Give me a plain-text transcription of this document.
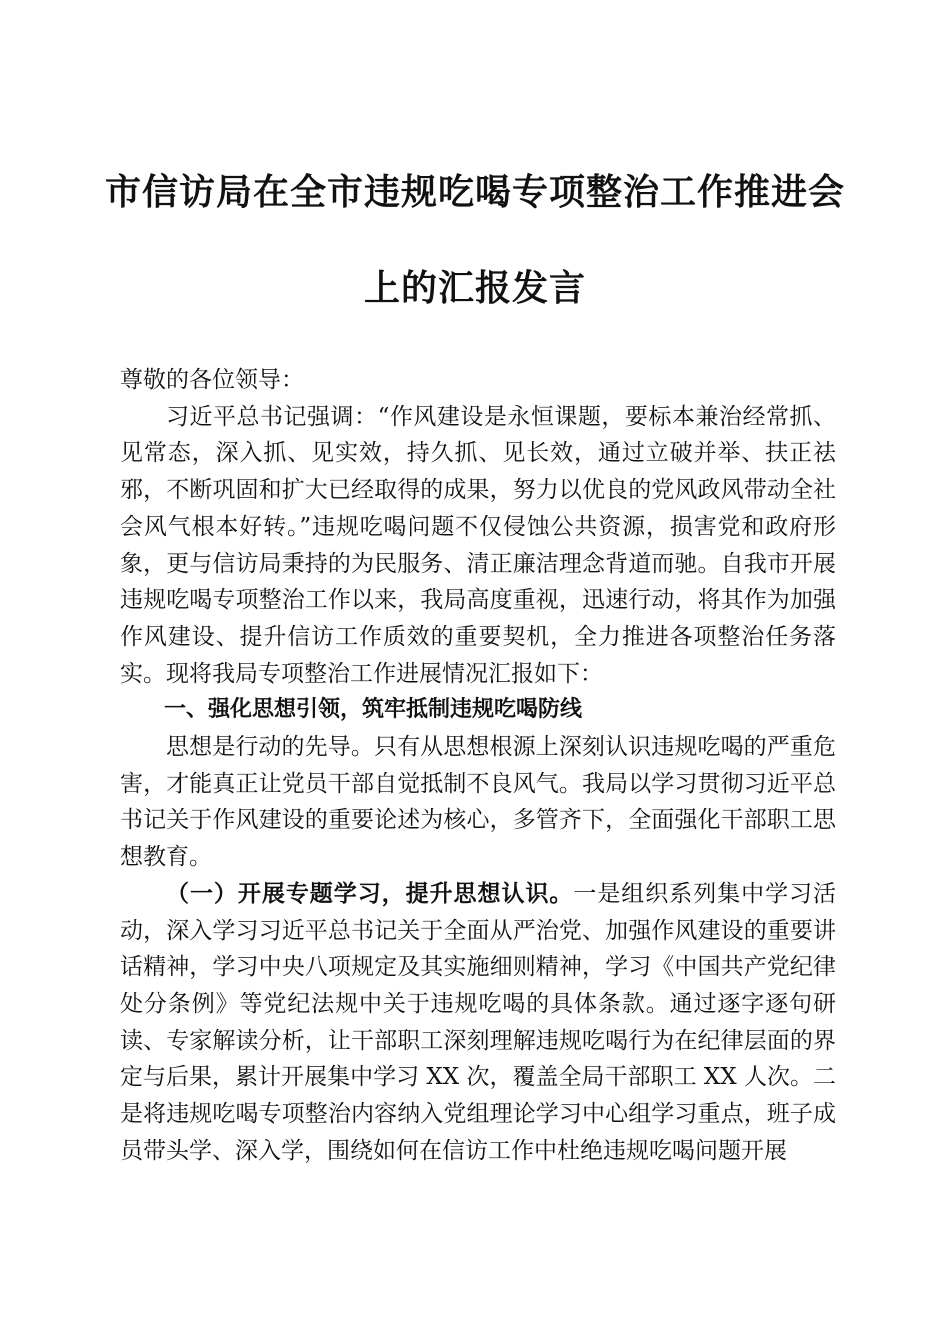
市信访局在全市违规吃喝专项整治工作推进会
上的汇报发言

尊敬的各位领导：

习近平总书记强调：“作风建设是永恒课题，要标本兼治经常抓、见常态，深入抓、见实效，持久抓、见长效，通过立破并举、扶正祛邪，不断巩固和扩大已经取得的成果，努力以优良的党风政风带动全社会风气根本好转。”违规吃喝问题不仅侵蚀公共资源，损害党和政府形象，更与信访局秉持的为民服务、清正廉洁理念背道而驰。自我市开展违规吃喝专项整治工作以来，我局高度重视，迅速行动，将其作为加强作风建设、提升信访工作质效的重要契机，全力推进各项整治任务落实。现将我局专项整治工作进展情况汇报如下：

一、强化思想引领，筑牢抵制违规吃喝防线

思想是行动的先导。只有从思想根源上深刻认识违规吃喝的严重危害，才能真正让党员干部自觉抵制不良风气。我局以学习贯彻习近平总书记关于作风建设的重要论述为核心，多管齐下，全面强化干部职工思想教育。

（一）开展专题学习，提升思想认识。一是组织系列集中学习活动，深入学习习近平总书记关于全面从严治党、加强作风建设的重要讲话精神，学习中央八项规定及其实施细则精神，学习《中国共产党纪律处分条例》等党纪法规中关于违规吃喝的具体条款。通过逐字逐句研读、专家解读分析，让干部职工深刻理解违规吃喝行为在纪律层面的界定与后果，累计开展集中学习 XX 次，覆盖全局干部职工 XX 人次。二是将违规吃喝专项整治内容纳入党组理论学习中心组学习重点，班子成员带头学、深入学，围绕如何在信访工作中杜绝违规吃喝问题开展
